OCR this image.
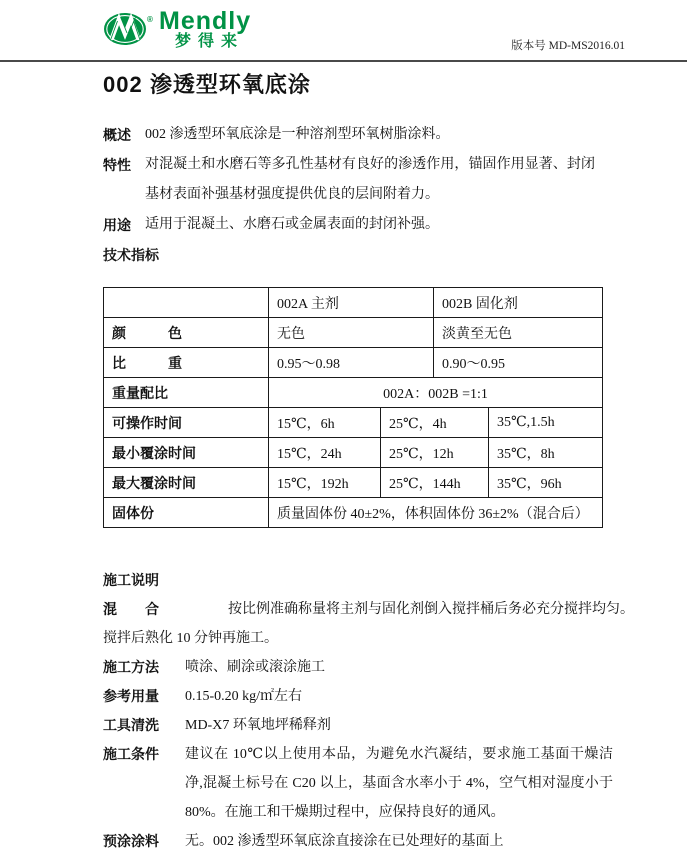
® Mendly
梦得来	版本号 MD-MS2016.01
002 渗透型环氧底涂
概述 002 渗透型环氧底涂是一种溶剂型环氧树脂涂料。
特性 对混凝土和水磨石等多孔性基材有良好的渗透作用，锚固作用显著、封闭基材表面补强基材强度提供优良的层间附着力。
用途 适用于混凝土、水磨石或金属表面的封闭补强。
技术指标
	002A 主剂		002B 固化剂	
颜 色	无色		淡黄至无色	
比 重	0.95～0.98		0.90～0.95	
重量配比	002A：002B =1:1			
可操作时间	15℃，6h	25℃，4h		35℃,1.5h
最小覆涂时间	15℃，24h	25℃，12h		35℃，8h
最大覆涂时间	15℃，192h	25℃，144h		35℃，96h
固体份	质量固体份 40±2%，体积固体份 36±2%（混合后）			
施工说明
混 合	按比例准确称量将主剂与固化剂倒入搅拌桶后务必充分搅拌均匀。
搅拌后熟化 10 分钟再施工。
施工方法 喷涂、刷涂或滚涂施工
参考用量 0.15-0.20 kg/㎡左右
工具清洗 MD-X7 环氧地坪稀释剂
施工条件 建议在 10℃以上使用本品，为避免水汽凝结，要求施工基面干燥洁净,混凝土标号在 C20 以上，基面含水率小于 4%，空气相对湿度小于 80%。在施工和干燥期过程中，应保持良好的通风。
预涂涂料 无。002 渗透型环氧底涂直接涂在已处理好的基面上
